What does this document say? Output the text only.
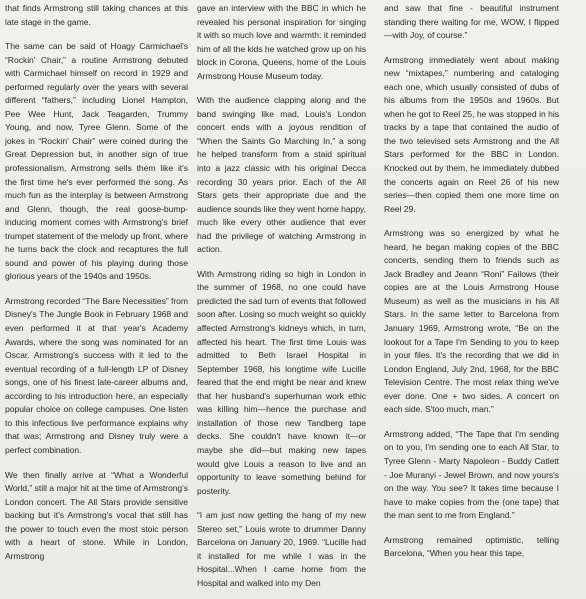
that finds Armstrong still taking chances at this late stage in the game.

The same can be said of Hoagy Carmichael's “Rockin' Chair,” a routine Armstrong debuted with Carmichael himself on record in 1929 and performed regularly over the years with several different “fathers,” including Lionel Hampton, Pee Wee Hunt, Jack Teagarden, Trummy Young, and now, Tyree Glenn. Some of the jokes in “Rockin' Chair” were coined during the Great Depression but, in another sign of true professionalism, Armstrong sells them like it's the first time he's ever performed the song. As much fun as the interplay is between Armstrong and Glenn, though, the real goose-bump-inducing moment comes with Armstrong's brief trumpet statement of the melody up front, where he turns back the clock and recaptures the full sound and power of his playing during those glorious years of the 1940s and 1950s.

Armstrong recorded “The Bare Necessities” from Disney's The Jungle Book in February 1968 and even performed it at that year's Academy Awards, where the song was nominated for an Oscar. Armstrong's success with it led to the eventual recording of a full-length LP of Disney songs, one of his finest late-career albums and, according to his introduction here, an especially popular choice on college campuses. One listen to this infectious live performance explains why that was; Armstrong and Disney truly were a perfect combination.

We then finally arrive at “What a Wonderful World,” still a major hit at the time of Armstrong's London concert. The All Stars provide sensitive backing but it's Armstrong's vocal that still has the power to touch even the most stoic person with a heart of stone. While in London, Armstrong

gave an interview with the BBC in which he revealed his personal inspiration for singing it with so much love and warmth: it reminded him of all the kids he watched grow up on his block in Corona, Queens, home of the Louis Armstrong House Museum today.

With the audience clapping along and the band swinging like mad, Louis's London concert ends with a joyous rendition of “When the Saints Go Marching In,” a song he helped transform from a staid spiritual into a jazz classic with his original Decca recording 30 years prior. Each of the All Stars gets their appropriate due and the audience sounds like they went home happy, much like every other audience that ever had the privilege of watching Armstrong in action.

With Armstrong riding so high in London in the summer of 1968, no one could have predicted the sad turn of events that followed soon after. Losing so much weight so quickly affected Armstrong's kidneys which, in turn, affected his heart. The first time Louis was admitted to Beth Israel Hospital in September 1968, his longtime wife Lucille feared that the end might be near and knew that her husband's superhuman work ethic was killing him—hence the purchase and installation of those new Tandberg tape decks. She couldn't have known it—or maybe she did—but making new tapes would give Louis a reason to live and an opportunity to leave something behind for posterity.

“I am just now getting the hang of my new Stereo set,” Louis wrote to drummer Danny Barcelona on January 20, 1969. “Lucille had it installed for me while I was in the Hospital...When I came home from the Hospital and walked into my Den

and saw that fine - beautiful instrument standing there waiting for me, WOW, I flipped—with Joy, of course.”

Armstrong immediately went about making new “mixtapes,” numbering and cataloging each one, which usually consisted of dubs of his albums from the 1950s and 1960s. But when he got to Reel 25, he was stopped in his tracks by a tape that contained the audio of the two televised sets Armstrong and the All Stars performed for the BBC in London. Knocked out by them, he immediately dubbed the concerts again on Reel 26 of his new series—then copied them one more time on Reel 29.

Armstrong was so energized by what he heard, he began making copies of the BBC concerts, sending them to friends such as Jack Bradley and Jeann “Roni” Failows (their copies are at the Louis Armstrong House Museum) as well as the musicians in his All Stars. In the same letter to Barcelona from January 1969, Armstrong wrote, “Be on the lookout for a Tape I'm Sending to you to keep in your files. It's the recording that we did in London England, July 2nd, 1968, for the BBC Television Centre. The most relax thing we've ever done. One + two sides. A concert on each side. S'too much, man.”

Armstrong added, “The Tape that I'm sending on to you, I'm sending one to each All Star, to Tyree Glenn - Marty Napoleon - Buddy Catlett - Joe Muranyi - Jewel Brown, and now yours's on the way. You see? It takes time because I have to make copies from the (one tape) that the man sent to me from England.”

Armstrong remained optimistic, telling Barcelona, “When you hear this tape,
